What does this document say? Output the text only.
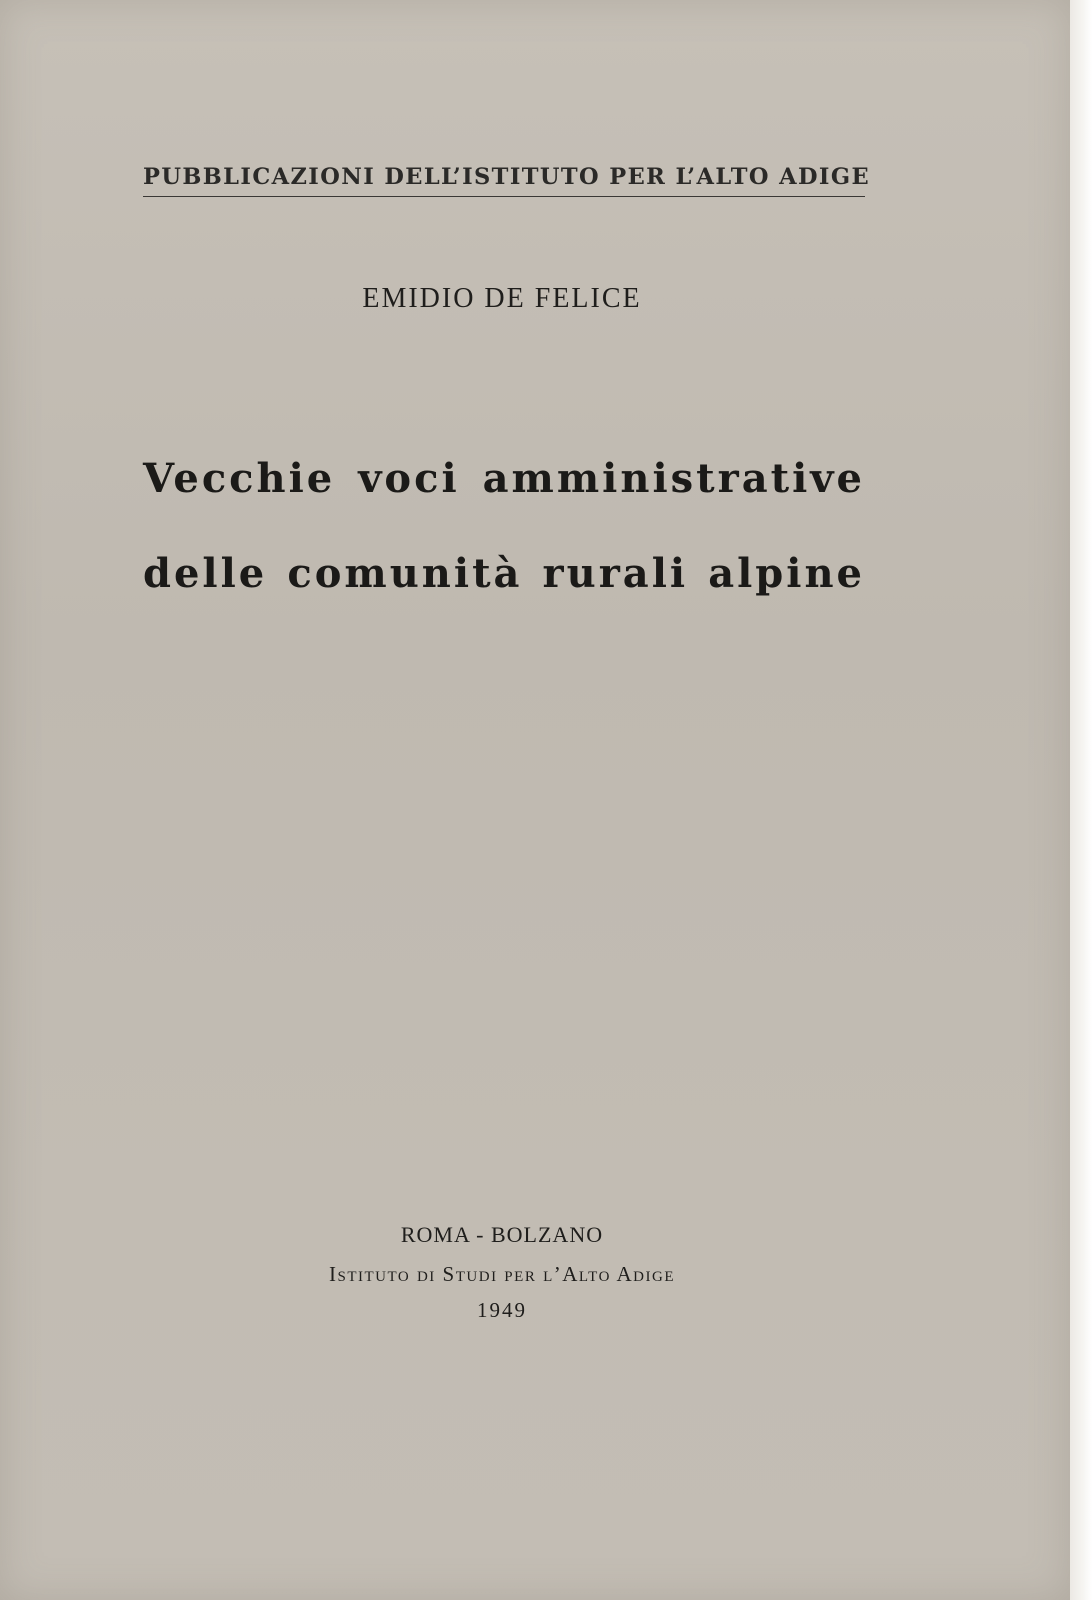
PUBBLICAZIONI DELL’ISTITUTO PER L’ALTO ADIGE
EMIDIO DE FELICE
Vecchie voci amministrative
delle comunità rurali alpine
ROMA - BOLZANO
Istituto di Studi per l’Alto Adige
1949
